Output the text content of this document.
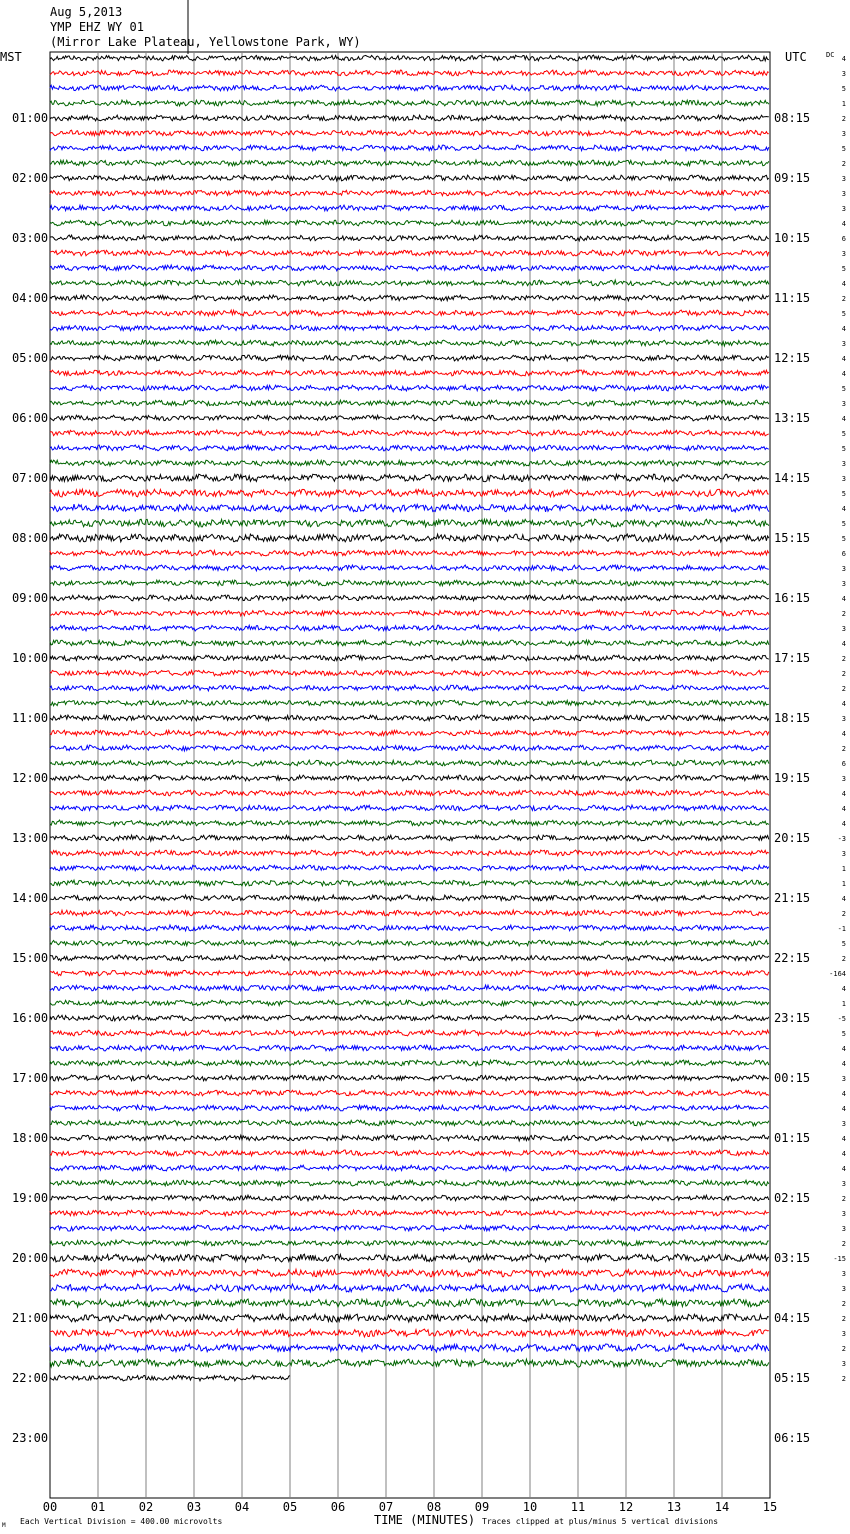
Aug 5,2013
YMP EHZ WY 01
(Mirror Lake Plateau, Yellowstone Park, WY)
MST	UTC	DC
01:00
02:00
03:00
04:00
05:00
06:00
07:00
08:00
09:00
10:00
11:00
12:00
13:00
14:00
15:00
16:00
17:00
18:00
19:00
20:00
21:00
22:00
23:00
08:15
09:15
10:15
11:15
12:15
13:15
14:15
15:15
16:15
17:15
18:15
19:15
20:15
21:15
22:15
23:15
00:15
01:15
02:15
03:15
04:15
05:15
06:15
4
3
5
1
2
3
5
2
3
3
3
4
6
3
5
4
2
5
4
3
4
4
5
3
4
5
5
3
3
5
4
5
5
6
3
3
4
2
3
4
2
2
2
4
3
4
2
6
3
4
4
4
-3
3
1
1
4
2
-1
5
2
-164
4
1
-5
5
4
4
3
4
4
3
4
4
4
3
2
3
3
2
-15
3
3
2
2
3
2
3
2
00	01	02	03	04	05	06	07	08	09	10	11	12	13	14	15
TIME (MINUTES)
Each Vertical Division = 400.00 microvolts	Traces clipped at plus/minus 5 vertical divisions
M
